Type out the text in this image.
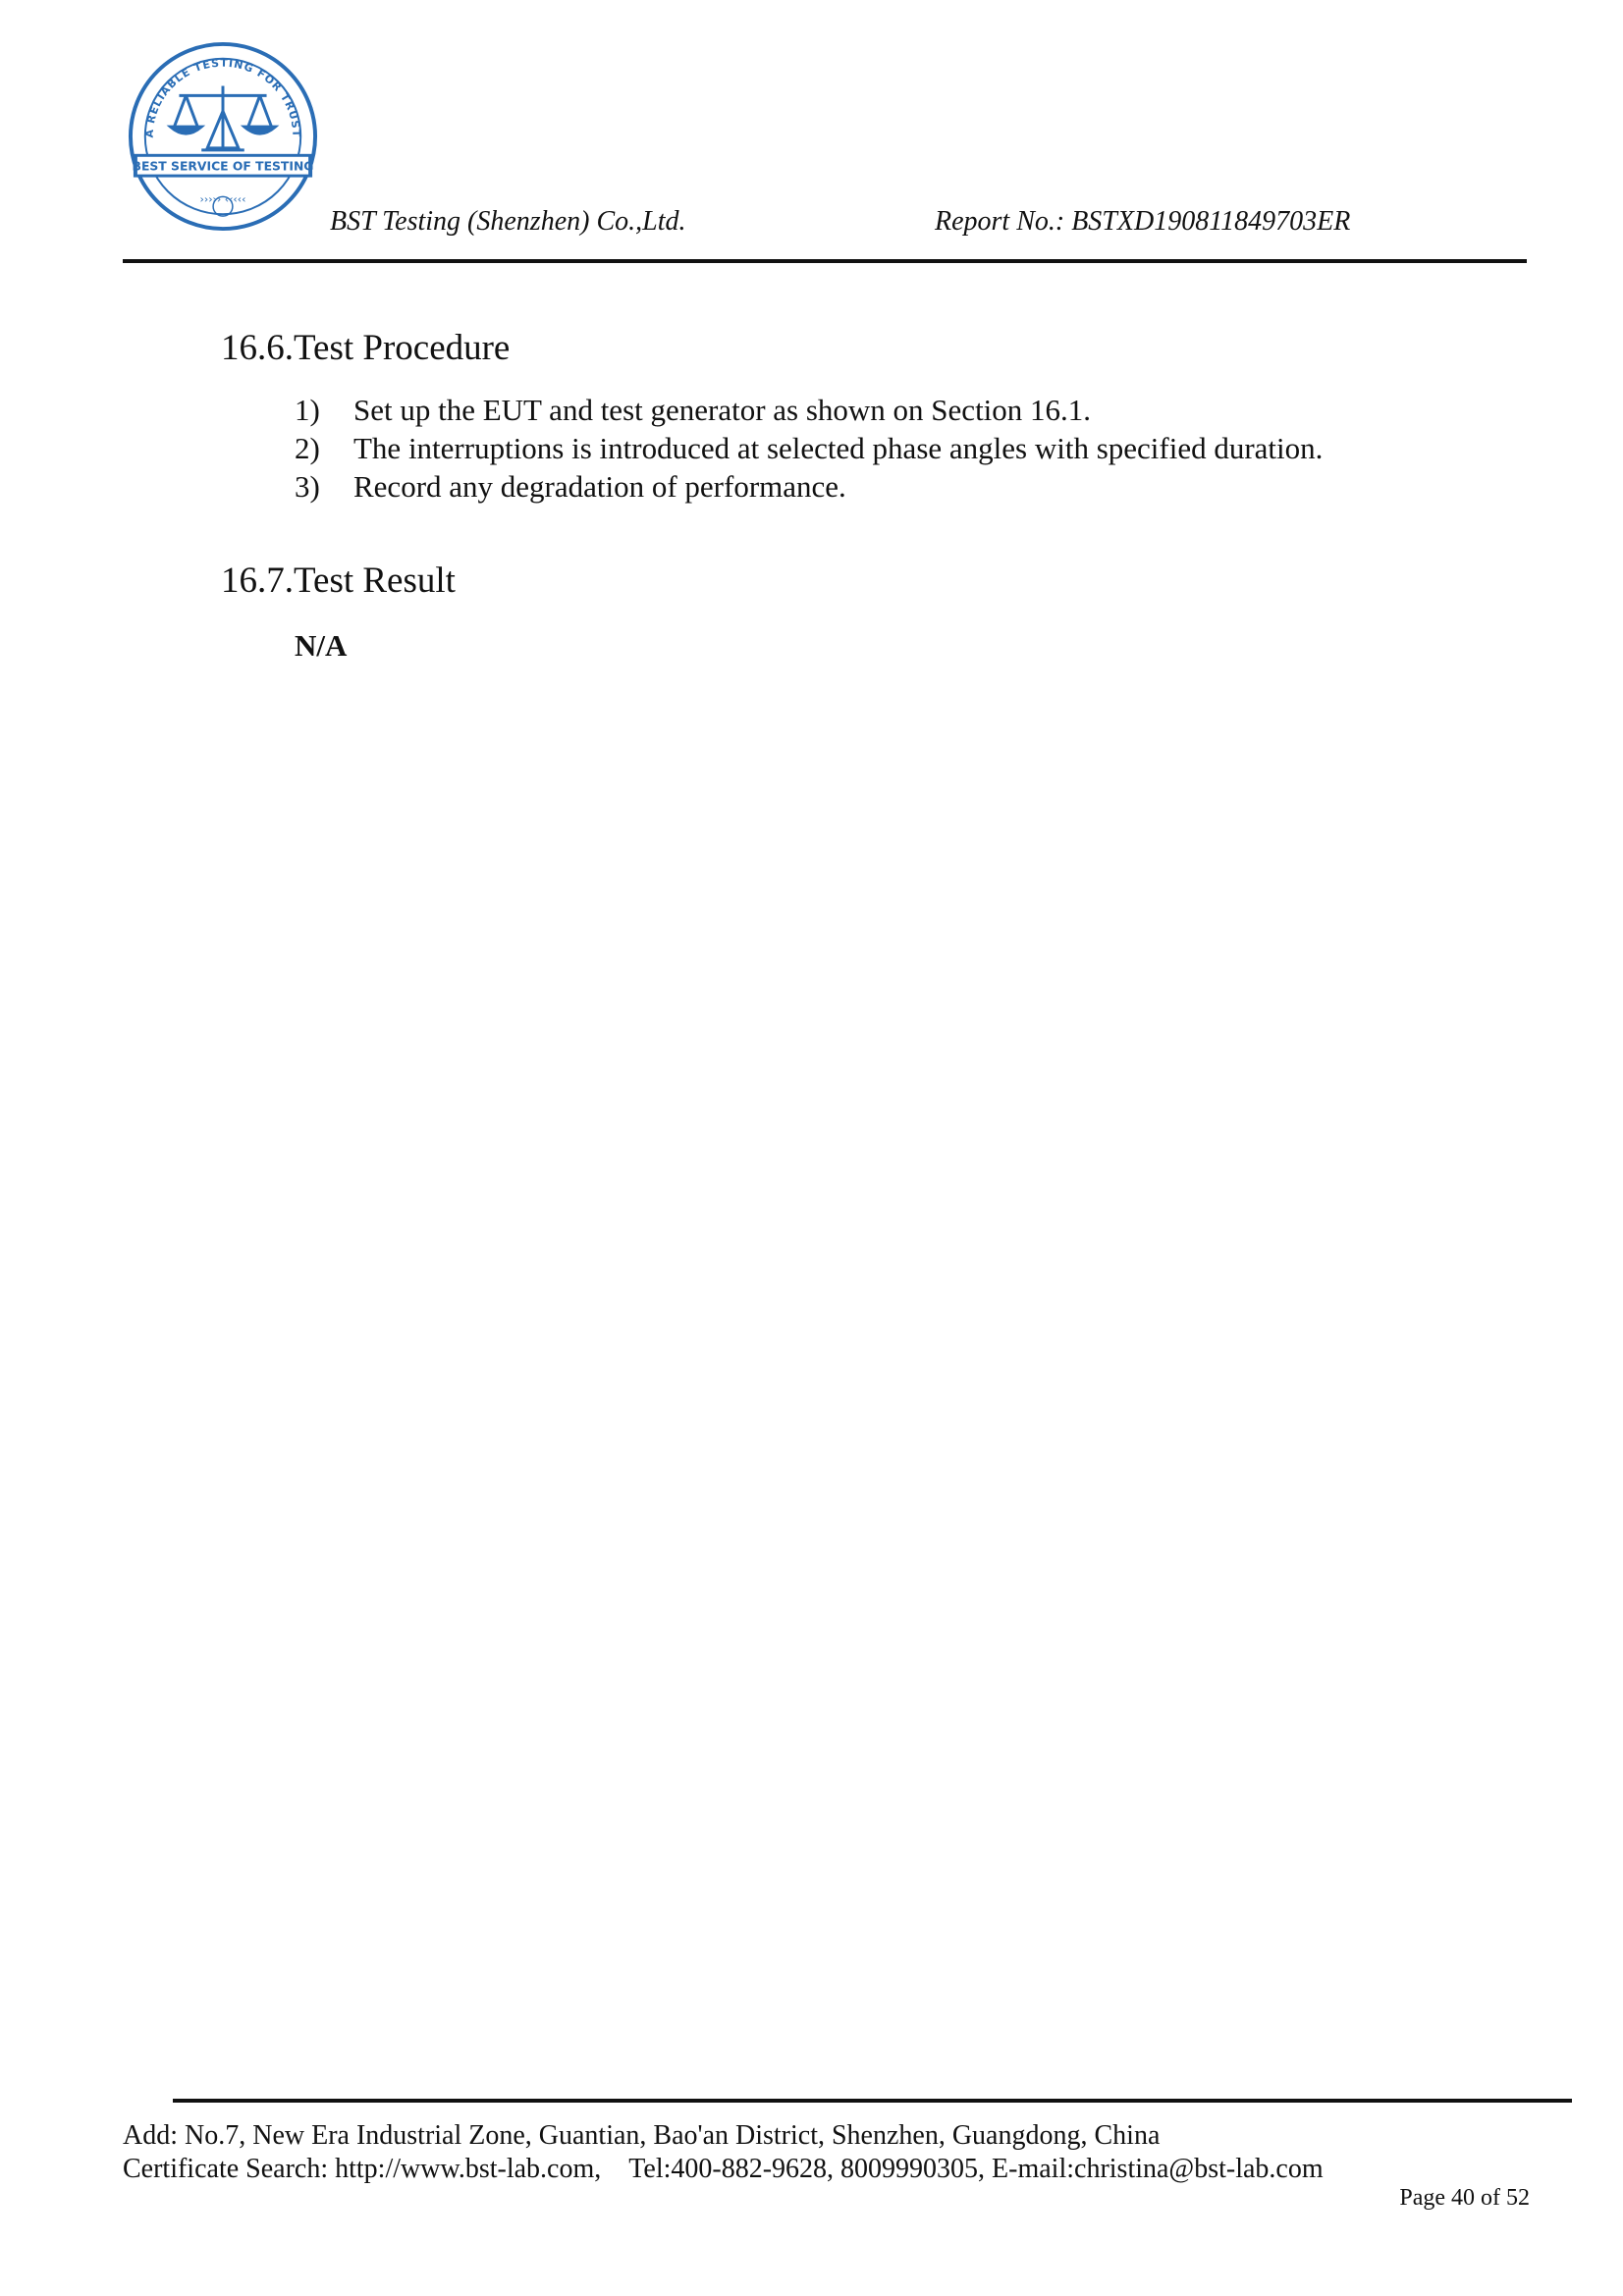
A RELIABLE TESTING FOR TRUST
BEST SERVICE OF TESTING
››››› ‹‹‹‹‹
BST Testing (Shenzhen) Co.,Ltd.	Report No.: BSTXD190811849703ER
16.6.Test Procedure
1) Set up the EUT and test generator as shown on Section 16.1.
2) The interruptions is introduced at selected phase angles with specified duration.
3) Record any degradation of performance.
16.7.Test Result
N/A
Add: No.7, New Era Industrial Zone, Guantian, Bao'an District, Shenzhen, Guangdong, China
Certificate Search: http://www.bst-lab.com, Tel:400-882-9628, 8009990305, E-mail:christina@bst-lab.com
Page 40 of 52
